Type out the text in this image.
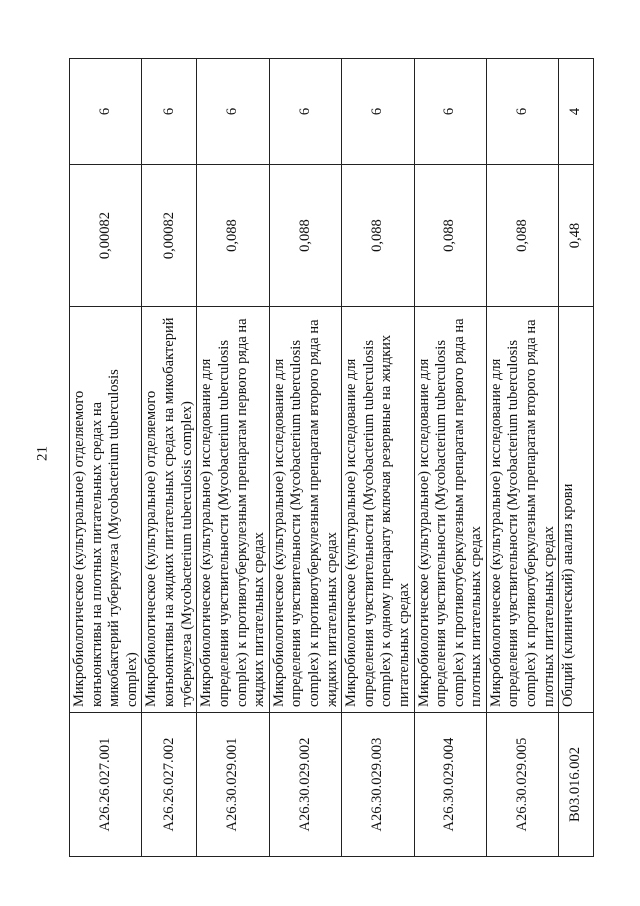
21
A26.26.027.001	Микробиологическое (культуральное) отделяемого конъюнктивы на плотных питательных средах на микобактерий туберкулеза (Mycobacterium tuberculosis complex)	0,00082	6
A26.26.027.002	Микробиологическое (культуральное) отделяемого конъюнктивы на жидких питательных средах на микобактерий туберкулеза (Mycobacterium tuberculosis complex)	0,00082	6
A26.30.029.001	Микробиологическое (культуральное) исследование для определения чувствительности (Mycobacterium tuberculosis complex) к противотуберкулезным препаратам первого ряда на жидких питательных средах	0,088	6
A26.30.029.002	Микробиологическое (культуральное) исследование для определения чувствительности (Mycobacterium tuberculosis complex) к противотуберкулезным препаратам второго ряда на жидких питательных средах	0,088	6
A26.30.029.003	Микробиологическое (культуральное) исследование для определения чувствительности (Mycobacterium tuberculosis complex) к одному препарату включая резервные на жидких питательных средах	0,088	6
A26.30.029.004	Микробиологическое (культуральное) исследование для определения чувствительности (Mycobacterium tuberculosis complex) к противотуберкулезным препаратам первого ряда на плотных питательных средах	0,088	6
A26.30.029.005	Микробиологическое (культуральное) исследование для определения чувствительности (Mycobacterium tuberculosis complex) к противотуберкулезным препаратам второго ряда на плотных питательных средах	0,088	6
B03.016.002	Общий (клинический) анализ крови	0,48	4
